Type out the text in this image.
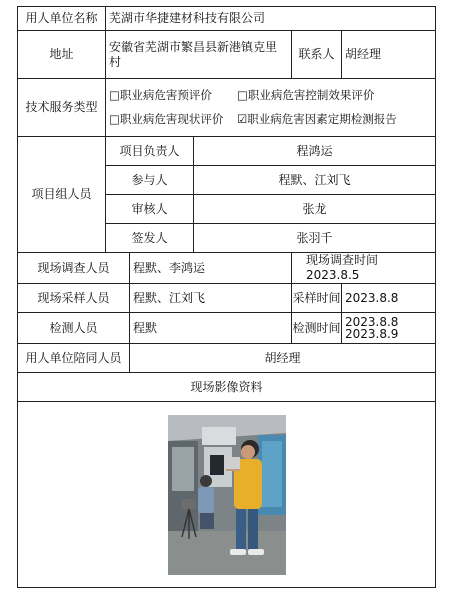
用人单位名称	芜湖市华捷建材科技有限公司				
地址	安徽省芜湖市繁昌县新港镇克里村			联系人	胡经理
技术服务类型	□职业病危害预评价 □职业病危害控制效果评价
□职业病危害现状评价 ☑职业病危害因素定期检测报告				

项目组人员	项目负责人		程鸿运		
	参与人		程默、江刘飞		
	审核人		张龙		
	签发人		张羽千		
现场调查人员		程默、李鸿运		现场调查时间  2023.8.5	
现场采样人员		程默、江刘飞		采样时间	2023.8.8
检测人员		程默		检测时间	2023.8.8
2023.8.9

用人单位陪同人员		胡经理			
现场影像资料					
